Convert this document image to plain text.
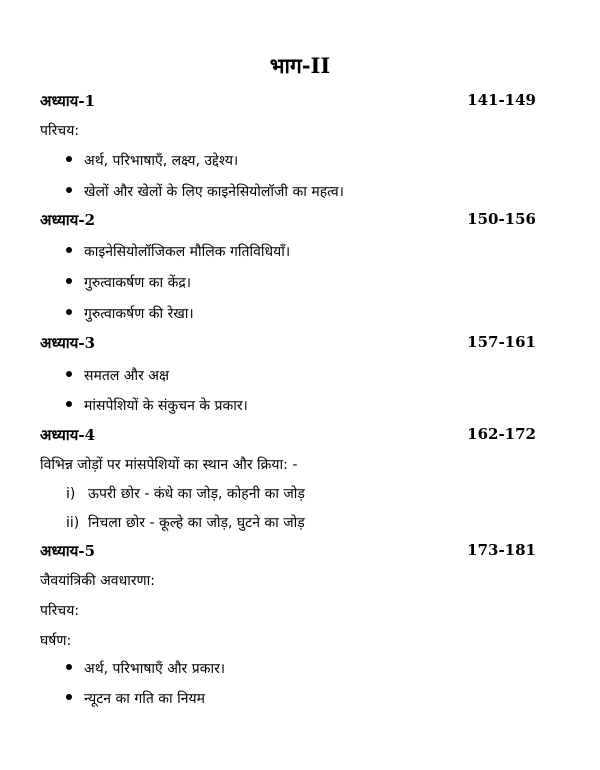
भाग-II
अध्याय-1	141-149
परिचय:
अर्थ, परिभाषाएँ, लक्ष्य, उद्देश्य।
खेलों और खेलों के लिए काइनेसियोलॉजी का महत्व।
अध्याय-2	150-156
काइनेसियोलॉजिकल मौलिक गतिविधियाँ।
गुरुत्वाकर्षण का केंद्र।
गुरुत्वाकर्षण की रेखा।
अध्याय-3	157-161
समतल और अक्ष
मांसपेशियों के संकुचन के प्रकार।
अध्याय-4	162-172
विभिन्न जोड़ों पर मांसपेशियों का स्थान और क्रिया: -
i) ऊपरी छोर - कंधे का जोड़, कोहनी का जोड़
ii) निचला छोर - कूल्हे का जोड़, घुटने का जोड़
अध्याय-5	173-181
जैवयांत्रिकी अवधारणा:
परिचय:
घर्षण:
अर्थ, परिभाषाएँ और प्रकार।
न्यूटन का गति का नियम
